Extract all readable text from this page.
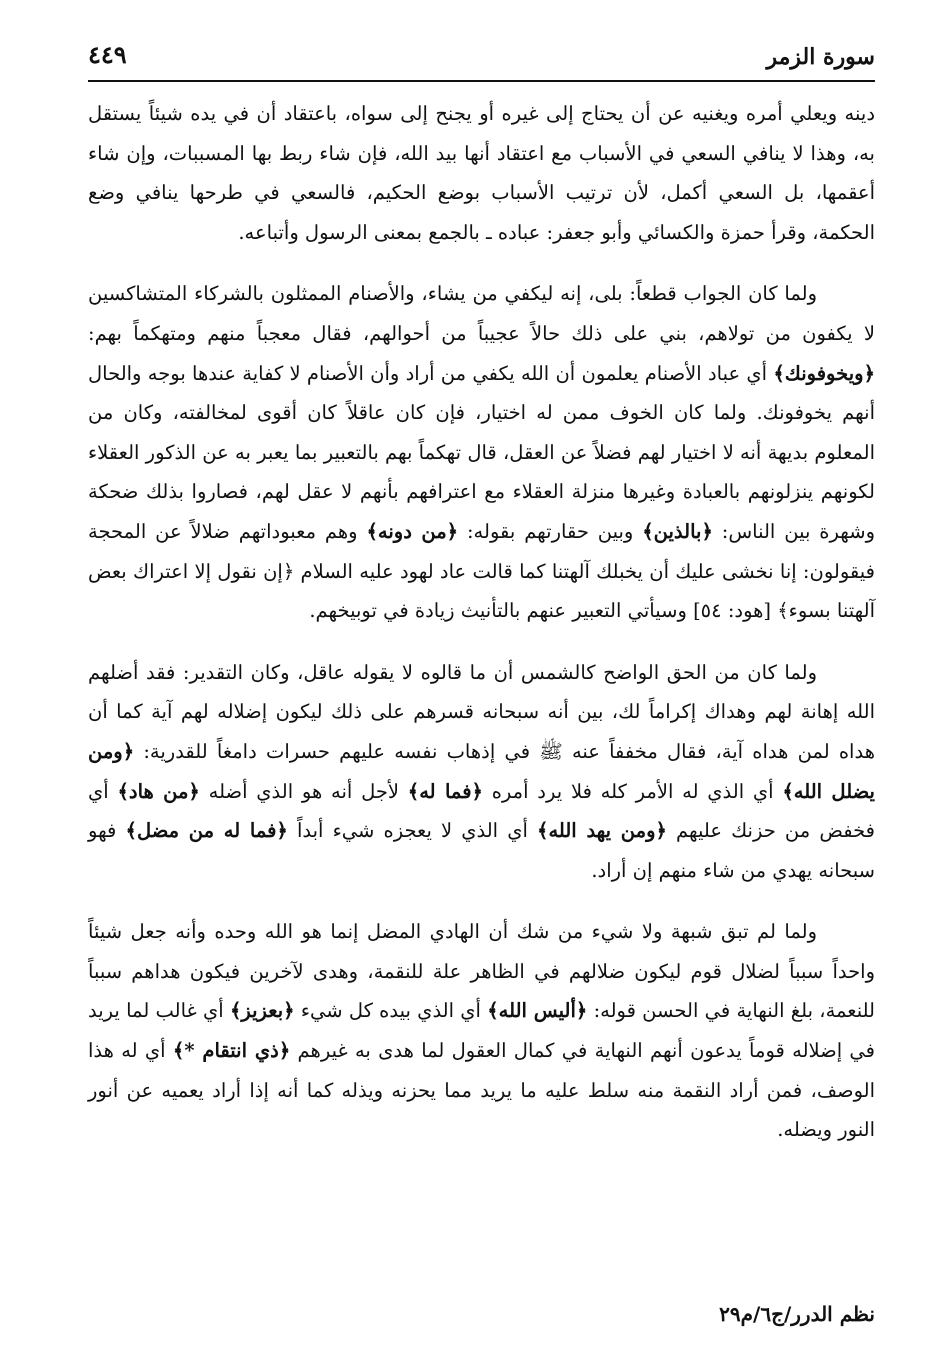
سورة الزمر
٤٤٩

دينه ويعلي أمره ويغنيه عن أن يحتاج إلى غيره أو يجنح إلى سواه، باعتقاد أن في يده شيئاً يستقل به، وهذا لا ينافي السعي في الأسباب مع اعتقاد أنها بيد الله، فإن شاء ربط بها المسببات، وإن شاء أعقمها، بل السعي أكمل، لأن ترتيب الأسباب بوضع الحكيم، فالسعي في طرحها ينافي وضع الحكمة، وقرأ حمزة والكسائي وأبو جعفر: عباده ـ بالجمع بمعنى الرسول وأتباعه.

ولما كان الجواب قطعاً: بلى، إنه ليكفي من يشاء، والأصنام الممثلون بالشركاء المتشاكسين لا يكفون من تولاهم، بني على ذلك حالاً عجيباً من أحوالهم، فقال معجباً منهم ومتهكماً بهم: ﴿ويخوفونك﴾ أي عباد الأصنام يعلمون أن الله يكفي من أراد وأن الأصنام لا كفاية عندها بوجه والحال أنهم يخوفونك. ولما كان الخوف ممن له اختيار، فإن كان عاقلاً كان أقوى لمخالفته، وكان من المعلوم بديهة أنه لا اختيار لهم فضلاً عن العقل، قال تهكماً بهم بالتعبير بما يعبر به عن الذكور العقلاء لكونهم ينزلونهم بالعبادة وغيرها منزلة العقلاء مع اعترافهم بأنهم لا عقل لهم، فصاروا بذلك ضحكة وشهرة بين الناس: ﴿بالذين﴾ وبين حقارتهم بقوله: ﴿من دونه﴾ وهم معبوداتهم ضلالاً عن المحجة فيقولون: إنا نخشى عليك أن يخبلك آلهتنا كما قالت عاد لهود عليه السلام ﴿إن نقول إلا اعتراك بعض آلهتنا بسوء﴾ [هود: ٥٤] وسيأتي التعبير عنهم بالتأنيث زيادة في توبيخهم.

ولما كان من الحق الواضح كالشمس أن ما قالوه لا يقوله عاقل، وكان التقدير: فقد أضلهم الله إهانة لهم وهداك إكراماً لك، بين أنه سبحانه قسرهم على ذلك ليكون إضلاله لهم آية كما أن هداه لمن هداه آية، فقال مخففاً عنه ﷺ في إذهاب نفسه عليهم حسرات دامغاً للقدرية: ﴿ومن يضلل الله﴾ أي الذي له الأمر كله فلا يرد أمره ﴿فما له﴾ لأجل أنه هو الذي أضله ﴿من هاد﴾ أي فخفض من حزنك عليهم ﴿ومن يهد الله﴾ أي الذي لا يعجزه شيء أبداً ﴿فما له من مضل﴾ فهو سبحانه يهدي من شاء منهم إن أراد.

ولما لم تبق شبهة ولا شيء من شك أن الهادي المضل إنما هو الله وحده وأنه جعل شيئاً واحداً سبباً لضلال قوم ليكون ضلالهم في الظاهر علة للنقمة، وهدى لآخرين فيكون هداهم سبباً للنعمة، بلغ النهاية في الحسن قوله: ﴿أليس الله﴾ أي الذي بيده كل شيء ﴿بعزيز﴾ أي غالب لما يريد في إضلاله قوماً يدعون أنهم النهاية في كمال العقول لما هدى به غيرهم ﴿ذي انتقام *﴾ أي له هذا الوصف، فمن أراد النقمة منه سلط عليه ما يريد مما يحزنه ويذله كما أنه إذا أراد يعميه عن أنور النور ويضله.

نظم الدرر/ج٦/م٢٩
